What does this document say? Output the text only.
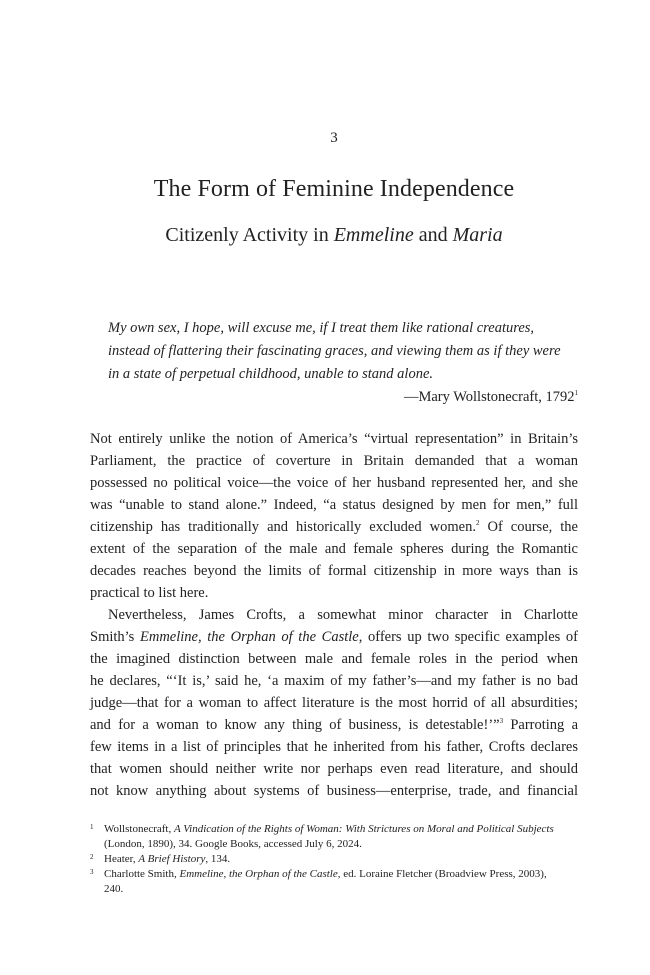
3
The Form of Feminine Independence
Citizenly Activity in Emmeline and Maria
My own sex, I hope, will excuse me, if I treat them like rational creatures,
instead of flattering their fascinating graces, and viewing them as if they were
in a state of perpetual childhood, unable to stand alone.
—Mary Wollstonecraft, 1792$^1$
Not entirely unlike the notion of America’s “virtual representation” in Britain’s
Parliament, the practice of coverture in Britain demanded that a woman
possessed no political voice—the voice of her husband represented her, and she
was “unable to stand alone.” Indeed, “a status designed by men for men,” full
citizenship has traditionally and historically excluded women.$^2$ Of course, the
extent of the separation of the male and female spheres during the Romantic
decades reaches beyond the limits of formal citizenship in more ways than is
practical to list here.
Nevertheless, James Crofts, a somewhat minor character in Charlotte
Smith’s Emmeline, the Orphan of the Castle, offers up two specific examples of
the imagined distinction between male and female roles in the period when
he declares, “‘It is,’ said he, ‘a maxim of my father’s—and my father is no bad
judge—that for a woman to affect literature is the most horrid of all absurdities;
and for a woman to know any thing of business, is detestable!’”$^3$ Parroting a
few items in a list of principles that he inherited from his father, Crofts declares
that women should neither write nor perhaps even read literature, and should
not know anything about systems of business—enterprise, trade, and financial
1 Wollstonecraft, A Vindication of the Rights of Woman: With Strictures on Moral and Political Subjects
(London, 1890), 34. Google Books, accessed July 6, 2024.
2 Heater, A Brief History, 134.
3 Charlotte Smith, Emmeline, the Orphan of the Castle, ed. Loraine Fletcher (Broadview Press, 2003),
240.
